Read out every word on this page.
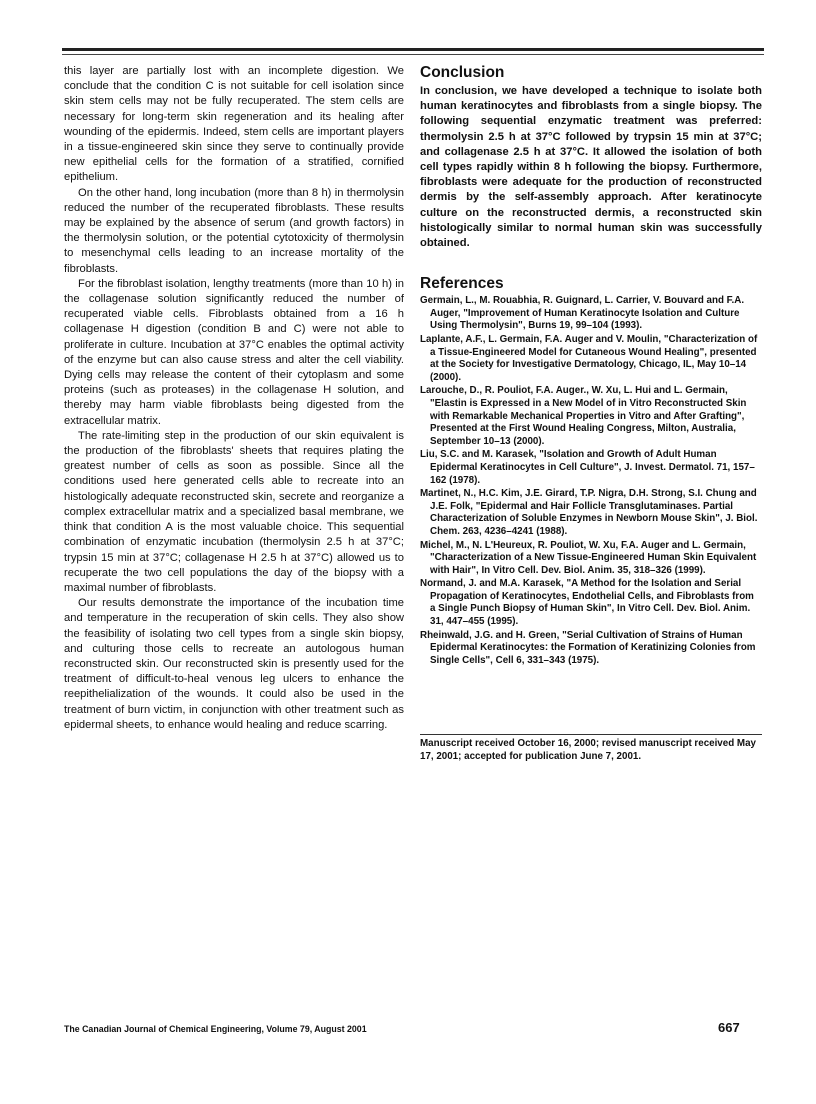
this layer are partially lost with an incomplete digestion. We conclude that the condition C is not suitable for cell isolation since skin stem cells may not be fully recuperated. The stem cells are necessary for long-term skin regeneration and its healing after wounding of the epidermis. Indeed, stem cells are important players in a tissue-engineered skin since they serve to continually provide new epithelial cells for the formation of a stratified, cornified epithelium.

On the other hand, long incubation (more than 8 h) in thermolysin reduced the number of the recuperated fibroblasts. These results may be explained by the absence of serum (and growth factors) in the thermolysin solution, or the potential cytotoxicity of thermolysin to mesenchymal cells leading to an increase mortality of the fibroblasts.

For the fibroblast isolation, lengthy treatments (more than 10 h) in the collagenase solution significantly reduced the number of recuperated viable cells. Fibroblasts obtained from a 16 h collagenase H digestion (condition B and C) were not able to proliferate in culture. Incubation at 37°C enables the optimal activity of the enzyme but can also cause stress and alter the cell viability. Dying cells may release the content of their cytoplasm and some proteins (such as proteases) in the collagenase H solution, and thereby may harm viable fibroblasts being digested from the extracellular matrix.

The rate-limiting step in the production of our skin equivalent is the production of the fibroblasts' sheets that requires plating the greatest number of cells as soon as possible. Since all the conditions used here generated cells able to recreate into an histologically adequate reconstructed skin, secrete and reorganize a complex extracellular matrix and a specialized basal membrane, we think that condition A is the most valuable choice. This sequential combination of enzymatic incubation (thermolysin 2.5 h at 37°C; trypsin 15 min at 37°C; collagenase H 2.5 h at 37°C) allowed us to recuperate the two cell populations the day of the biopsy with a maximal number of fibroblasts.

Our results demonstrate the importance of the incubation time and temperature in the recuperation of skin cells. They also show the feasibility of isolating two cell types from a single skin biopsy, and culturing those cells to recreate an autologous human reconstructed skin. Our reconstructed skin is presently used for the treatment of difficult-to-heal venous leg ulcers to enhance the reepithelialization of the wounds. It could also be used in the treatment of burn victim, in conjunction with other treatment such as epidermal sheets, to enhance would healing and reduce scarring.

Conclusion

In conclusion, we have developed a technique to isolate both human keratinocytes and fibroblasts from a single biopsy. The following sequential enzymatic treatment was preferred: thermolysin 2.5 h at 37°C followed by trypsin 15 min at 37°C; and collagenase 2.5 h at 37°C. It allowed the isolation of both cell types rapidly within 8 h following the biopsy. Furthermore, fibroblasts were adequate for the production of reconstructed dermis by the self-assembly approach. After keratinocyte culture on the reconstructed dermis, a reconstructed skin histologically similar to normal human skin was successfully obtained.

References
Germain, L., M. Rouabhia, R. Guignard, L. Carrier, V. Bouvard and F.A. Auger, "Improvement of Human Keratinocyte Isolation and Culture Using Thermolysin", Burns 19, 99–104 (1993).
Laplante, A.F., L. Germain, F.A. Auger and V. Moulin, "Characterization of a Tissue-Engineered Model for Cutaneous Wound Healing", presented at the Society for Investigative Dermatology, Chicago, IL, May 10–14 (2000).
Larouche, D., R. Pouliot, F.A. Auger., W. Xu, L. Hui and L. Germain, "Elastin is Expressed in a New Model of in Vitro Reconstructed Skin with Remarkable Mechanical Properties in Vitro and After Grafting", Presented at the First Wound Healing Congress, Milton, Australia, September 10–13 (2000).
Liu, S.C. and M. Karasek, "Isolation and Growth of Adult Human Epidermal Keratinocytes in Cell Culture", J. Invest. Dermatol. 71, 157–162 (1978).
Martinet, N., H.C. Kim, J.E. Girard, T.P. Nigra, D.H. Strong, S.I. Chung and J.E. Folk, "Epidermal and Hair Follicle Transglutaminases. Partial Characterization of Soluble Enzymes in Newborn Mouse Skin", J. Biol. Chem. 263, 4236–4241 (1988).
Michel, M., N. L'Heureux, R. Pouliot, W. Xu, F.A. Auger and L. Germain, "Characterization of a New Tissue-Engineered Human Skin Equivalent with Hair", In Vitro Cell. Dev. Biol. Anim. 35, 318–326 (1999).
Normand, J. and M.A. Karasek, "A Method for the Isolation and Serial Propagation of Keratinocytes, Endothelial Cells, and Fibroblasts from a Single Punch Biopsy of Human Skin", In Vitro Cell. Dev. Biol. Anim. 31, 447–455 (1995).
Rheinwald, J.G. and H. Green, "Serial Cultivation of Strains of Human Epidermal Keratinocytes: the Formation of Keratinizing Colonies from Single Cells", Cell 6, 331–343 (1975).
Manuscript received October 16, 2000; revised manuscript received May 17, 2001; accepted for publication June 7, 2001.
The Canadian Journal of Chemical Engineering, Volume 79, August 2001	667
